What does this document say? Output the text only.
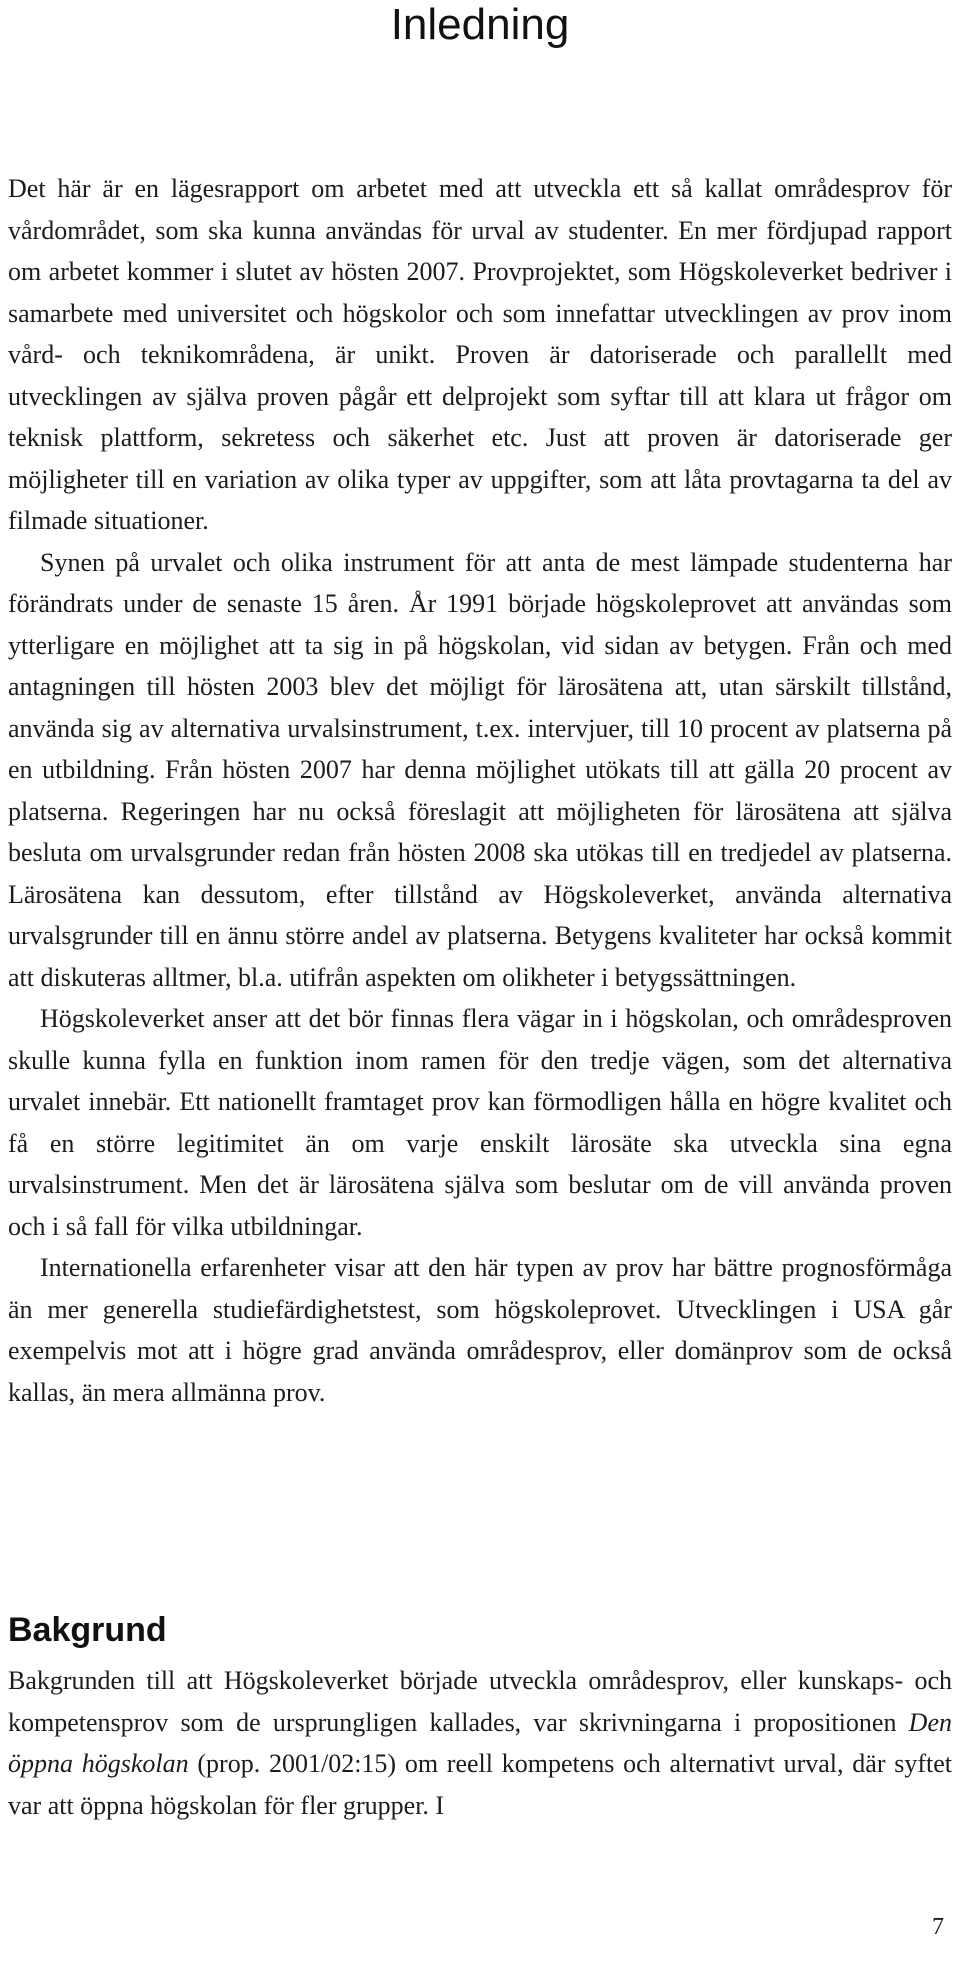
Inledning

Det här är en lägesrapport om arbetet med att utveckla ett så kallat områdesprov för vårdområdet, som ska kunna användas för urval av studenter. En mer fördjupad rapport om arbetet kommer i slutet av hösten 2007. Provprojektet, som Högskoleverket bedriver i samarbete med universitet och högskolor och som innefattar utvecklingen av prov inom vård- och teknikområdena, är unikt. Proven är datoriserade och parallellt med utvecklingen av själva proven pågår ett delprojekt som syftar till att klara ut frågor om teknisk plattform, sekretess och säkerhet etc. Just att proven är datoriserade ger möjligheter till en variation av olika typer av uppgifter, som att låta provtagarna ta del av filmade situationer.

Synen på urvalet och olika instrument för att anta de mest lämpade studenterna har förändrats under de senaste 15 åren. År 1991 började högskoleprovet att användas som ytterligare en möjlighet att ta sig in på högskolan, vid sidan av betygen. Från och med antagningen till hösten 2003 blev det möjligt för lärosätena att, utan särskilt tillstånd, använda sig av alternativa urvalsinstrument, t.ex. intervjuer, till 10 procent av platserna på en utbildning. Från hösten 2007 har denna möjlighet utökats till att gälla 20 procent av platserna. Regeringen har nu också föreslagit att möjligheten för lärosätena att själva besluta om urvalsgrunder redan från hösten 2008 ska utökas till en tredjedel av platserna. Lärosätena kan dessutom, efter tillstånd av Högskoleverket, använda alternativa urvalsgrunder till en ännu större andel av platserna. Betygens kvaliteter har också kommit att diskuteras alltmer, bl.a. utifrån aspekten om olikheter i betygssättningen.

Högskoleverket anser att det bör finnas flera vägar in i högskolan, och områdesproven skulle kunna fylla en funktion inom ramen för den tredje vägen, som det alternativa urvalet innebär. Ett nationellt framtaget prov kan förmodligen hålla en högre kvalitet och få en större legitimitet än om varje enskilt lärosäte ska utveckla sina egna urvalsinstrument. Men det är lärosätena själva som beslutar om de vill använda proven och i så fall för vilka utbildningar.

Internationella erfarenheter visar att den här typen av prov har bättre prognosförmåga än mer generella studiefärdighetstest, som högskoleprovet. Utvecklingen i USA går exempelvis mot att i högre grad använda områdesprov, eller domänprov som de också kallas, än mera allmänna prov.

Bakgrund

Bakgrunden till att Högskoleverket började utveckla områdesprov, eller kunskaps- och kompetensprov som de ursprungligen kallades, var skrivningarna i propositionen Den öppna högskolan (prop. 2001/02:15) om reell kompetens och alternativt urval, där syftet var att öppna högskolan för fler grupper. I

7
